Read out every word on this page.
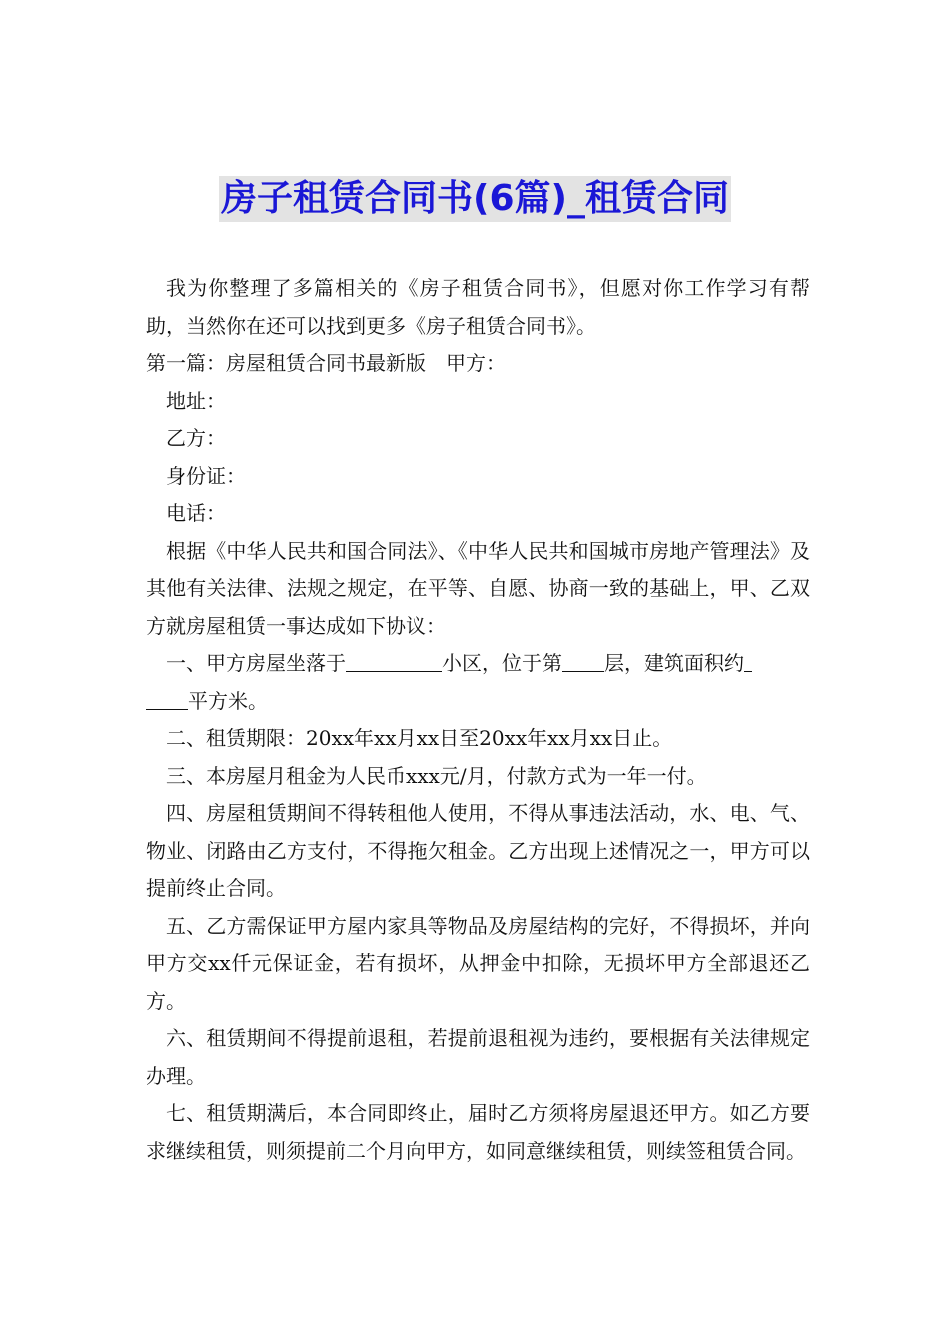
房子租赁合同书(6篇)_租赁合同

我为你整理了多篇相关的《房子租赁合同书》，但愿对你工作学习有帮助，当然你在还可以找到更多《房子租赁合同书》。

第一篇：房屋租赁合同书最新版　甲方：

地址：

乙方：

身份证：

电话：

根据《中华人民共和国合同法》、《中华人民共和国城市房地产管理法》及其他有关法律、法规之规定，在平等、自愿、协商一致的基础上，甲、乙双方就房屋租赁一事达成如下协议：

一、甲方房屋坐落于	小区，位于第 层，建筑面积约
平方米。

二、租赁期限：20xx年xx月xx日至20xx年xx月xx日止。

三、本房屋月租金为人民币xxx元/月，付款方式为一年一付。

四、房屋租赁期间不得转租他人使用，不得从事违法活动，水、电、气、物业、闭路由乙方支付，不得拖欠租金。乙方出现上述情况之一，甲方可以提前终止合同。

五、乙方需保证甲方屋内家具等物品及房屋结构的完好，不得损坏，并向甲方交xx仟元保证金，若有损坏，从押金中扣除，无损坏甲方全部退还乙方。

六、租赁期间不得提前退租，若提前退租视为违约，要根据有关法律规定办理。

七、租赁期满后，本合同即终止，届时乙方须将房屋退还甲方。如乙方要求继续租赁，则须提前二个月向甲方，如同意继续租赁，则续签租赁合同。
